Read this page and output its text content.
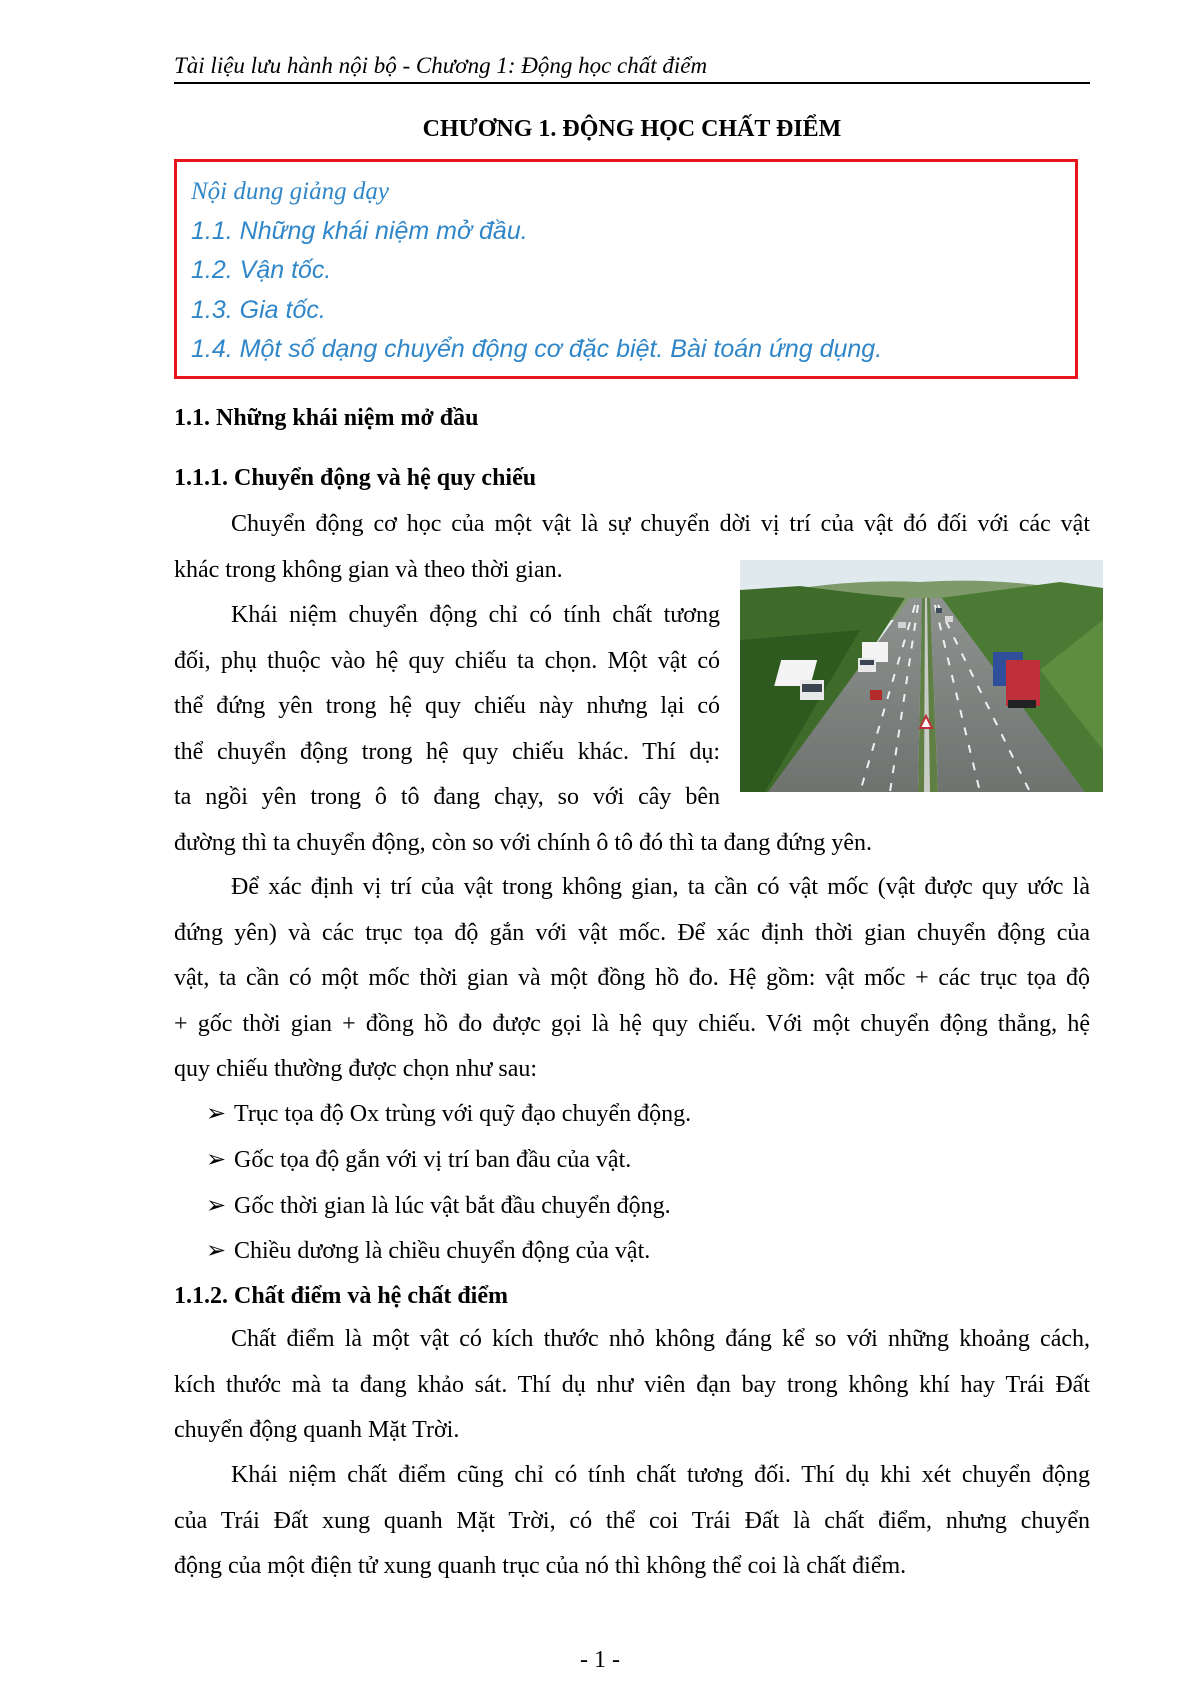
Tài liệu lưu hành nội bộ - Chương 1: Động học chất điểm
CHƯƠNG 1. ĐỘNG HỌC CHẤT ĐIỂM
Nội dung giảng dạy
1.1. Những khái niệm mở đầu.
1.2. Vận tốc.
1.3. Gia tốc.
1.4. Một số dạng chuyển động cơ đặc biệt. Bài toán ứng dụng.
1.1. Những khái niệm mở đầu
1.1.1. Chuyển động và hệ quy chiếu
Chuyển động cơ học của một vật là sự chuyển dời vị trí của vật đó đối với các vật
khác trong không gian và theo thời gian.
Khái niệm chuyển động chỉ có tính chất tương
đối, phụ thuộc vào hệ quy chiếu ta chọn. Một vật có
thể đứng yên trong hệ quy chiếu này nhưng lại có
thể chuyển động trong hệ quy chiếu khác. Thí dụ:
ta ngồi yên trong ô tô đang chạy, so với cây bên
đường thì ta chuyển động, còn so với chính ô tô đó thì ta đang đứng yên.
Để xác định vị trí của vật trong không gian, ta cần có vật mốc (vật được quy ước là
đứng yên) và các trục tọa độ gắn với vật mốc. Để xác định thời gian chuyển động của
vật, ta cần có một mốc thời gian và một đồng hồ đo. Hệ gồm: vật mốc + các trục tọa độ
+ gốc thời gian + đồng hồ đo được gọi là hệ quy chiếu. Với một chuyển động thẳng, hệ
quy chiếu thường được chọn như sau:
➢ Trục tọa độ Ox trùng với quỹ đạo chuyển động.
➢ Gốc tọa độ gắn với vị trí ban đầu của vật.
➢ Gốc thời gian là lúc vật bắt đầu chuyển động.
➢ Chiều dương là chiều chuyển động của vật.
1.1.2. Chất điểm và hệ chất điểm
Chất điểm là một vật có kích thước nhỏ không đáng kể so với những khoảng cách,
kích thước mà ta đang khảo sát. Thí dụ như viên đạn bay trong không khí hay Trái Đất
chuyển động quanh Mặt Trời.
Khái niệm chất điểm cũng chỉ có tính chất tương đối. Thí dụ khi xét chuyển động
của Trái Đất xung quanh Mặt Trời, có thể coi Trái Đất là chất điểm, nhưng chuyển
động của một điện tử xung quanh trục của nó thì không thể coi là chất điểm.
- 1 -
